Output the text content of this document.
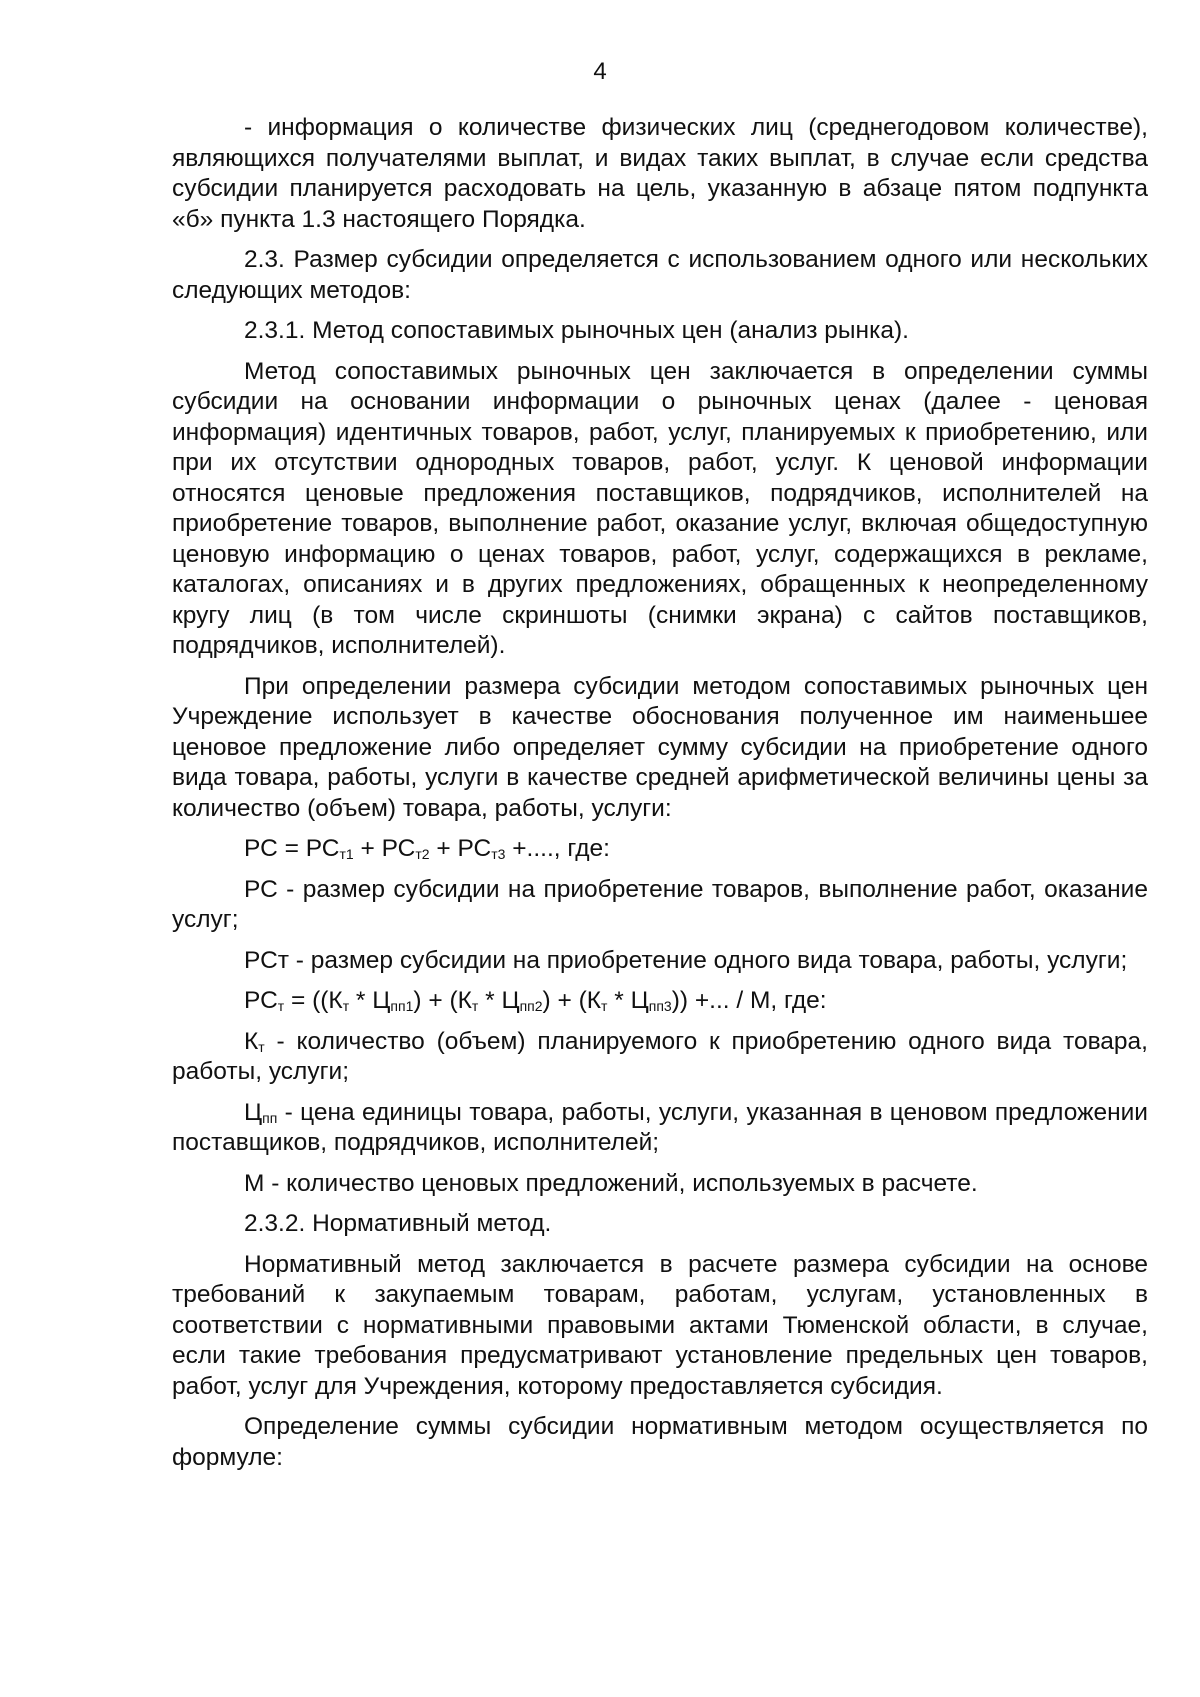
4

- информация о количестве физических лиц (среднегодовом количестве), являющихся получателями выплат, и видах таких выплат, в случае если средства субсидии планируется расходовать на цель, указанную в абзаце пятом подпункта «б» пункта 1.3 настоящего Порядка.

2.3. Размер субсидии определяется с использованием одного или нескольких следующих методов:

2.3.1. Метод сопоставимых рыночных цен (анализ рынка).

Метод сопоставимых рыночных цен заключается в определении суммы субсидии на основании информации о рыночных ценах (далее - ценовая информация) идентичных товаров, работ, услуг, планируемых к приобретению, или при их отсутствии однородных товаров, работ, услуг. К ценовой информации относятся ценовые предложения поставщиков, подрядчиков, исполнителей на приобретение товаров, выполнение работ, оказание услуг, включая общедоступную ценовую информацию о ценах товаров, работ, услуг, содержащихся в рекламе, каталогах, описаниях и в других предложениях, обращенных к неопределенному кругу лиц (в том числе скриншоты (снимки экрана) с сайтов поставщиков, подрядчиков, исполнителей).

При определении размера субсидии методом сопоставимых рыночных цен Учреждение использует в качестве обоснования полученное им наименьшее ценовое предложение либо определяет сумму субсидии на приобретение одного вида товара, работы, услуги в качестве средней арифметической величины цены за количество (объем) товара, работы, услуги:

РС = $РС_{т1} + РС_{т2} + РС_{т3}$ +...., где:

РС - размер субсидии на приобретение товаров, выполнение работ, оказание услуг;

РСт - размер субсидии на приобретение одного вида товара, работы, услуги;

$РС_т = ((К_т * Ц_{пп1}) + (К_т * Ц_{пп2}) + (К_т * Ц_{пп3}))$ +... / М, где:

$К_т$ - количество (объем) планируемого к приобретению одного вида товара, работы, услуги;

$Ц_{пп}$ - цена единицы товара, работы, услуги, указанная в ценовом предложении поставщиков, подрядчиков, исполнителей;

М - количество ценовых предложений, используемых в расчете.

2.3.2. Нормативный метод.

Нормативный метод заключается в расчете размера субсидии на основе требований к закупаемым товарам, работам, услугам, установленных в соответствии с нормативными правовыми актами Тюменской области, в случае, если такие требования предусматривают установление предельных цен товаров, работ, услуг для Учреждения, которому предоставляется субсидия.

Определение суммы субсидии нормативным методом осуществляется по формуле:
